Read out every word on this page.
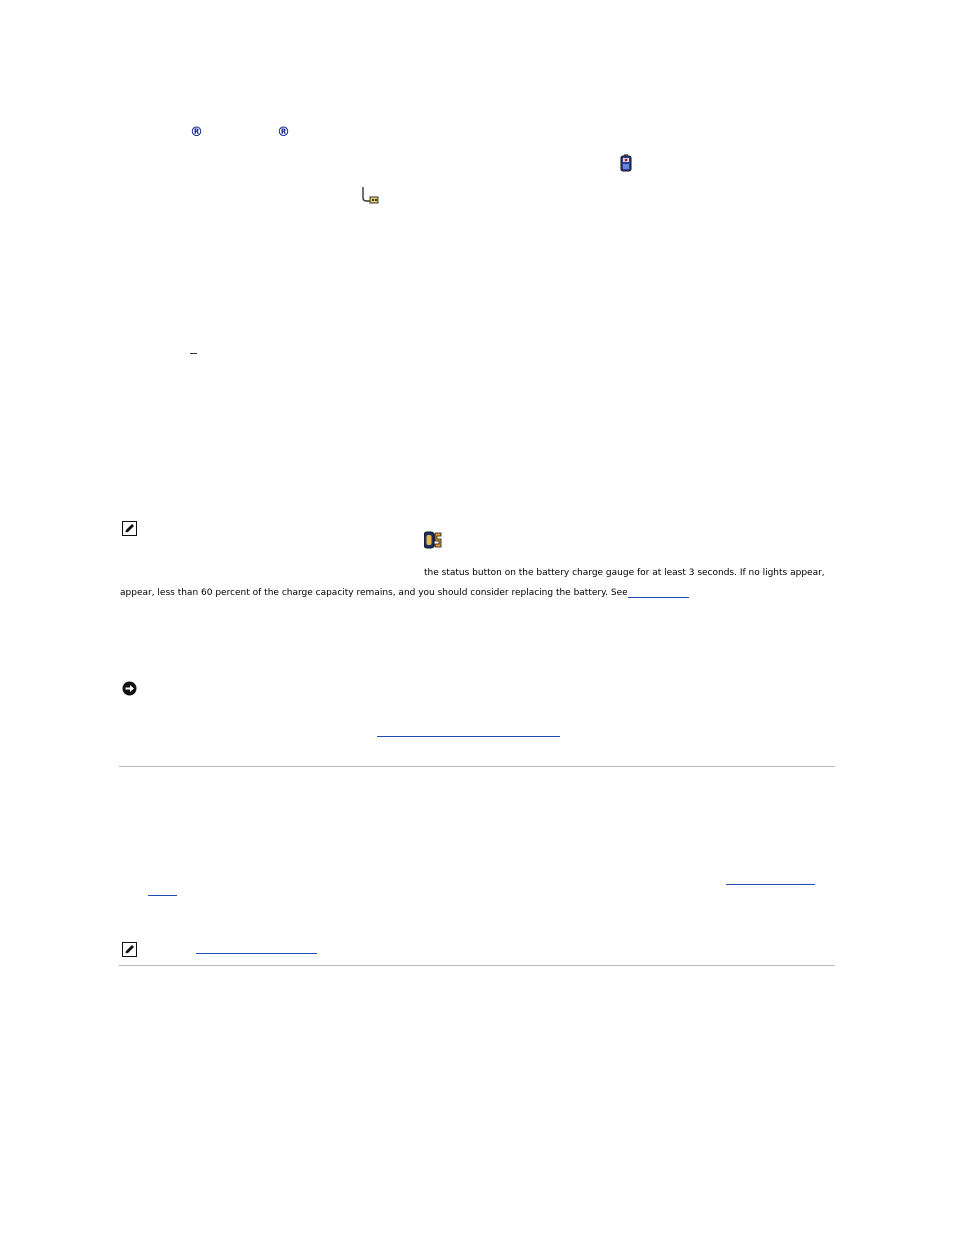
®	®
the status button on the battery charge gauge for at least 3 seconds. If no lights appear,
appear, less than 60 percent of the charge capacity remains, and you should consider replacing the battery. See
